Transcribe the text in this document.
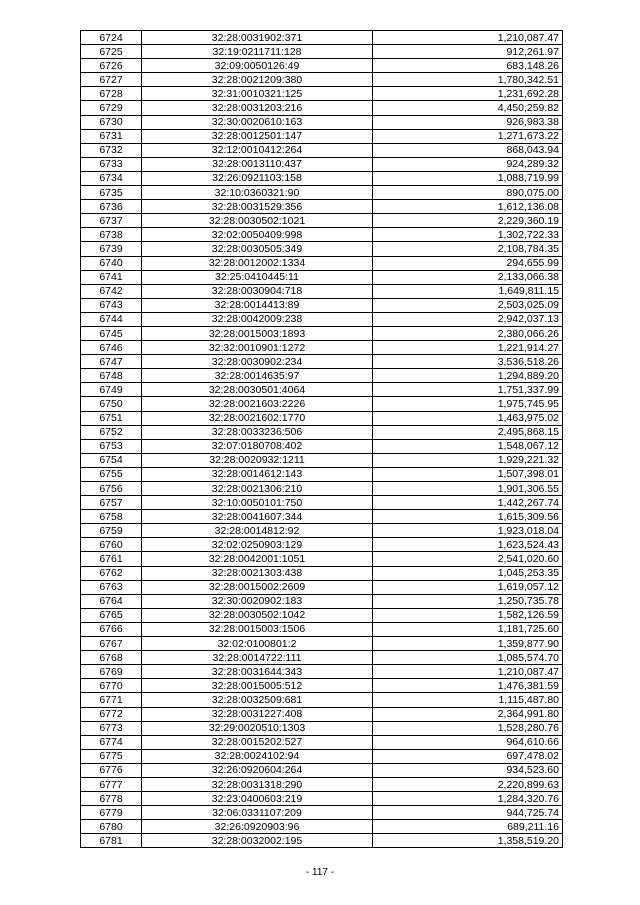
6724	32:28:0031902:371	1,210,087.47
6725	32:19:0211711:128	912,261.97
6726	32:09:0050126:49	683,148.26
6727	32:28:0021209:380	1,780,342.51
6728	32:31:0010321:125	1,231,692.28
6729	32:28:0031203:216	4,450,259.82
6730	32:30:0020610:163	926,983.38
6731	32:28:0012501:147	1,271,673.22
6732	32:12:0010412:264	868,043.94
6733	32:28:0013110:437	924,289.32
6734	32:26:0921103:158	1,088,719.99
6735	32:10:0360321:90	890,075.00
6736	32:28:0031529:356	1,612,136.08
6737	32:28:0030502:1021	2,229,360.19
6738	32:02:0050409:998	1,302,722.33
6739	32:28:0030505:349	2,108,784.35
6740	32:28:0012002:1334	294,655.99
6741	32:25:0410445:11	2,133,066.38
6742	32:28:0030904:718	1,649,811.15
6743	32:28:0014413:89	2,503,025.09
6744	32:28:0042009:238	2,942,037.13
6745	32:28:0015003:1893	2,380,066.26
6746	32:32:0010901:1272	1,221,914.27
6747	32:28:0030902:234	3,536,518.26
6748	32:28:0014635:97	1,294,889.20
6749	32:28:0030501:4064	1,751,337.99
6750	32:28:0021603:2226	1,975,745.95
6751	32:28:0021602:1770	1,463,975.02
6752	32:28:0033236:506	2,495,868.15
6753	32:07:0180708:402	1,548,067.12
6754	32:28:0020932:1211	1,929,221.32
6755	32:28:0014612:143	1,507,398.01
6756	32:28:0021306:210	1,901,306.55
6757	32:10:0050101:750	1,442,267.74
6758	32:28:0041607:344	1,615,309.56
6759	32:28:0014812:92	1,923,018.04
6760	32:02:0250903:129	1,623,524.43
6761	32:28:0042001:1051	2,541,020.60
6762	32:28:0021303:438	1,045,253.35
6763	32:28:0015002:2609	1,619,057.12
6764	32:30:0020902:183	1,250,735.78
6765	32:28:0030502:1042	1,582,126.59
6766	32:28:0015003:1506	1,181,725.60
6767	32:02:0100801:2	1,359,877.90
6768	32:28:0014722:111	1,085,574.70
6769	32:28:0031644:343	1,210,087.47
6770	32:28:0015005:512	1,476,381.59
6771	32:28:0032509:681	1,115,487.80
6772	32:28:0031227:408	2,364,991.80
6773	32:29:0020510:1303	1,528,280.76
6774	32:28:0015202:527	964,610.66
6775	32:28:0024102:94	697,478.02
6776	32:26:0920604:264	934,523.60
6777	32:28:0031318:290	2,220,899.63
6778	32:23:0400603:219	1,284,320.76
6779	32:06:0331107:209	944,725.74
6780	32:26:0920903:96	689,211.16
6781	32:28:0032002:195	1,358,519.20
- 117 -
